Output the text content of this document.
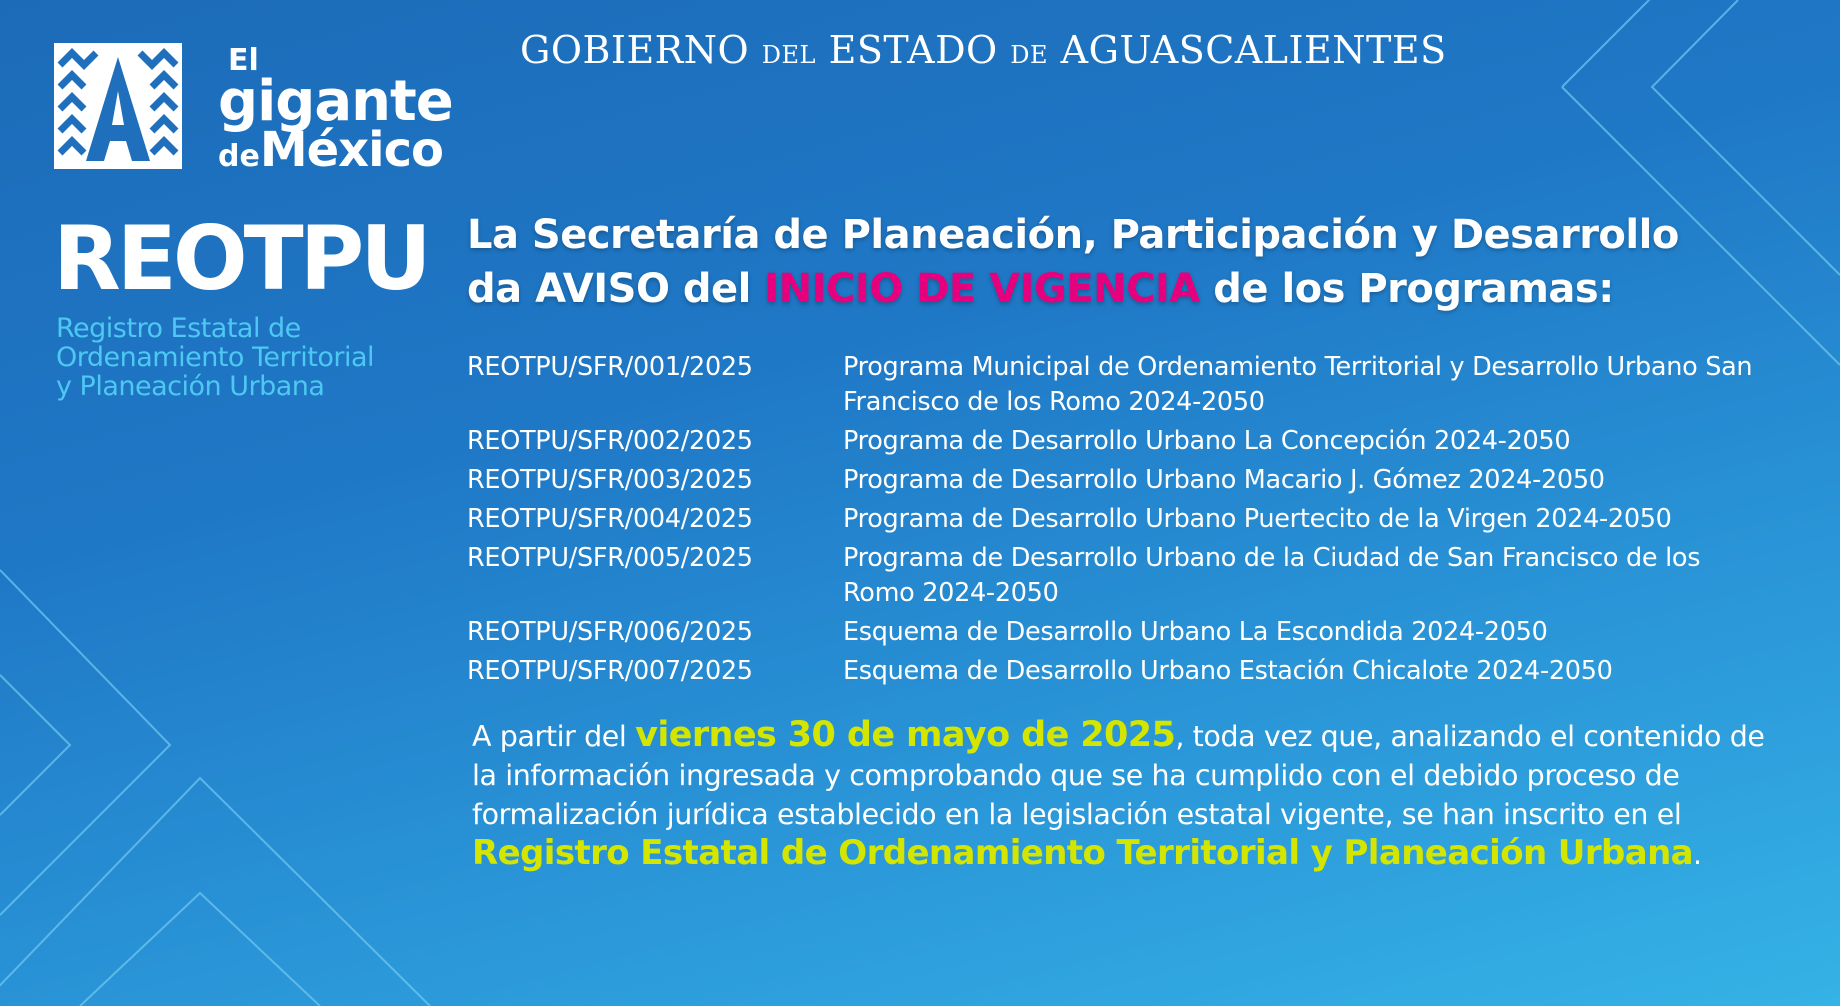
El
gigante
deMéxico
GOBIERNO DEL ESTADO DE AGUASCALIENTES
REOTPU
Registro Estatal de
Ordenamiento Territorial
y Planeación Urbana
La Secretaría de Planeación, Participación y Desarrollo
da AVISO del INICIO DE VIGENCIA de los Programas:
REOTPU/SFR/001/2025	Programa Municipal de Ordenamiento Territorial y Desarrollo Urbano San Francisco de los Romo 2024-2050
REOTPU/SFR/002/2025	Programa de Desarrollo Urbano La Concepción 2024-2050
REOTPU/SFR/003/2025	Programa de Desarrollo Urbano Macario J. Gómez 2024-2050
REOTPU/SFR/004/2025	Programa de Desarrollo Urbano Puertecito de la Virgen 2024-2050
REOTPU/SFR/005/2025	Programa de Desarrollo Urbano de la Ciudad de San Francisco de los Romo 2024-2050
REOTPU/SFR/006/2025	Esquema de Desarrollo Urbano La Escondida 2024-2050
REOTPU/SFR/007/2025	Esquema de Desarrollo Urbano Estación Chicalote 2024-2050
A partir del viernes 30 de mayo de 2025, toda vez que, analizando el contenido de la información ingresada y comprobando que se ha cumplido con el debido proceso de formalización jurídica establecido en la legislación estatal vigente, se han inscrito en el Registro Estatal de Ordenamiento Territorial y Planeación Urbana.
